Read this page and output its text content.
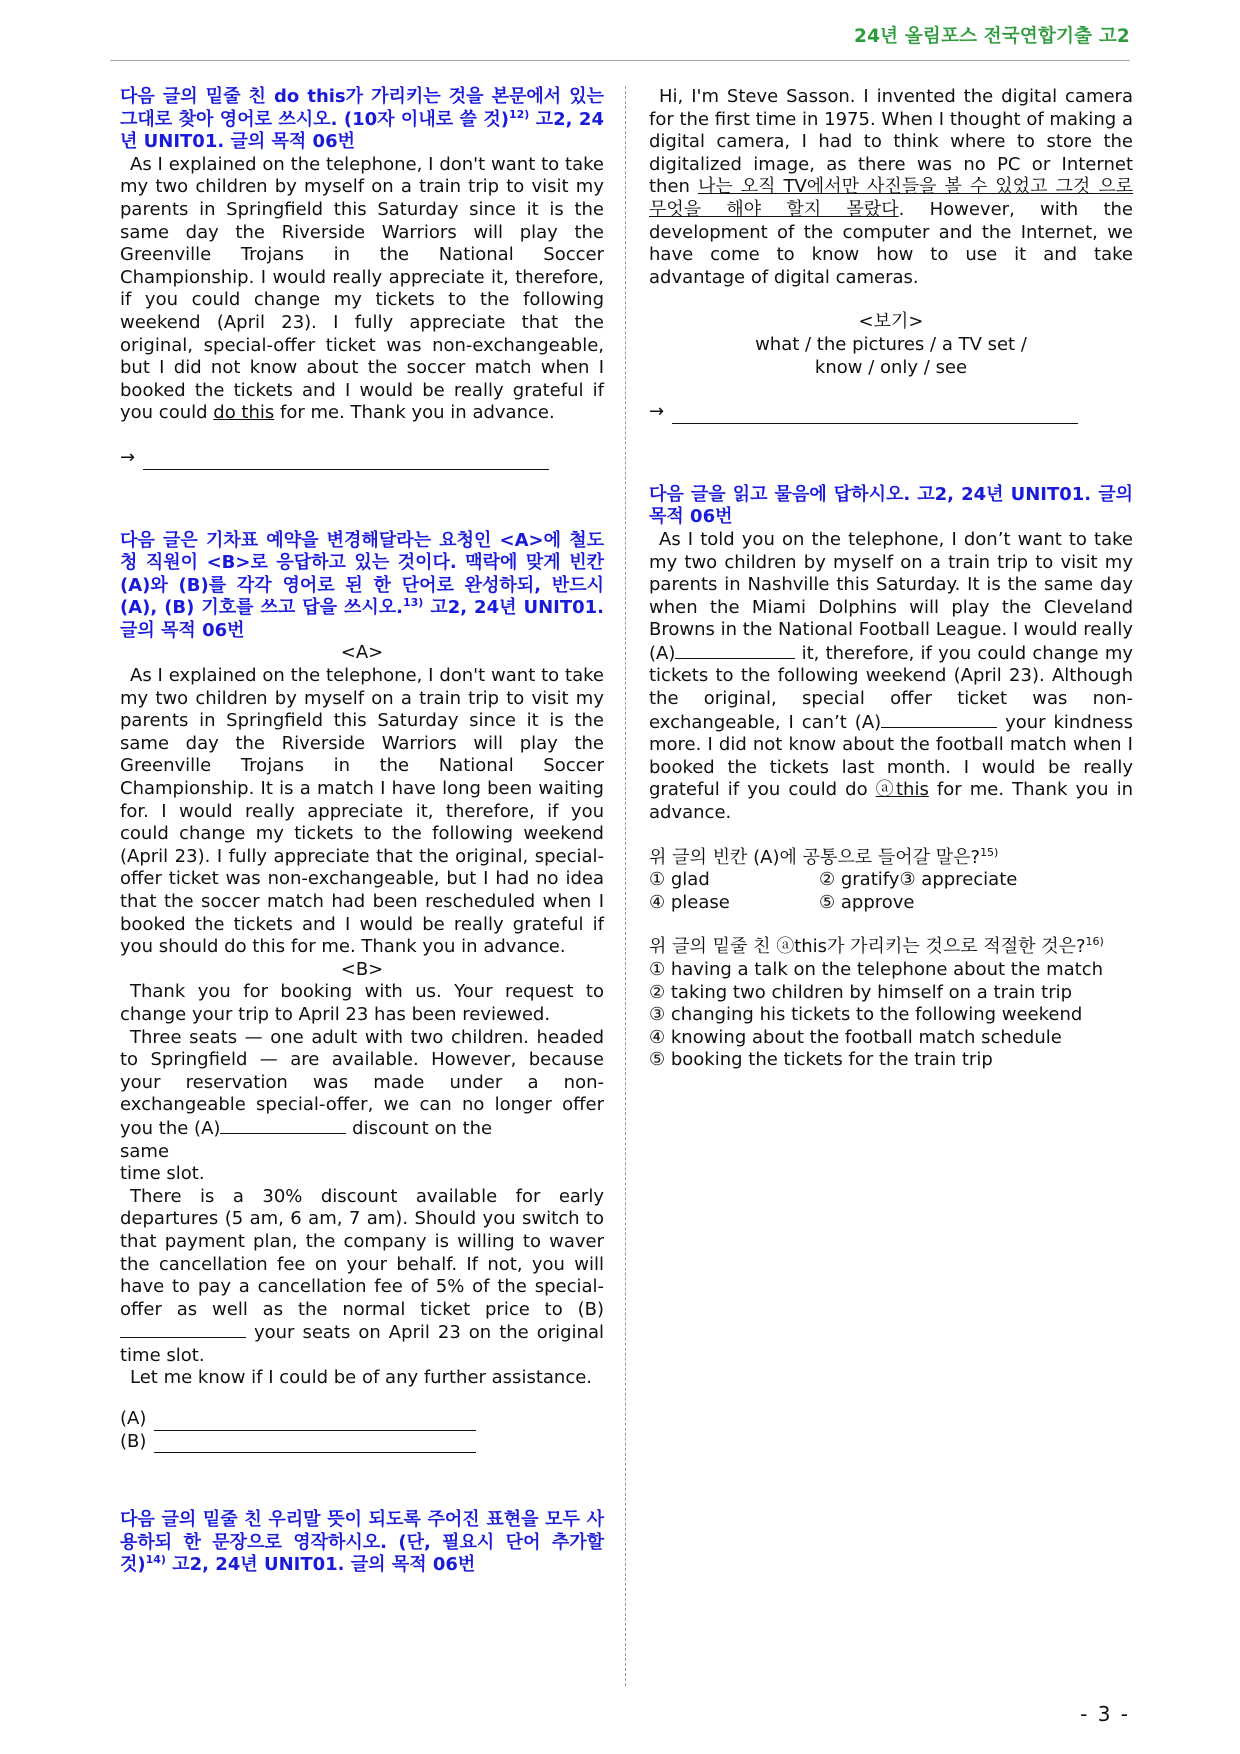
24년 올림포스 전국연합기출 고2
다음 글의 밑줄 친 do this가 가리키는 것을 본문에서 있는 그대로 찾아 영어로 쓰시오. (10자 이내로 쓸 것)$^{12)}$ 고2, 24년 UNIT01. 글의 목적 06번
As I explained on the telephone, I don't want to take my two children by myself on a train trip to visit my parents in Springfield this Saturday since it is the same day the Riverside Warriors will play the Greenville Trojans in the National Soccer Championship. I would really appreciate it, therefore, if you could change my tickets to the following weekend (April 23). I fully appreciate that the original, special-offer ticket was non-exchangeable, but I did not know about the soccer match when I booked the tickets and I would be really grateful if you could do this for me. Thank you in advance.
→
다음 글은 기차표 예약을 변경해달라는 요청인 <A>에 철도청 직원이 <B>로 응답하고 있는 것이다. 맥락에 맞게 빈칸 (A)와 (B)를 각각 영어로 된 한 단어로 완성하되, 반드시 (A), (B) 기호를 쓰고 답을 쓰시오.$^{13)}$ 고2, 24년 UNIT01. 글의 목적 06번
<A>
As I explained on the telephone, I don't want to take my two children by myself on a train trip to visit my parents in Springfield this Saturday since it is the same day the Riverside Warriors will play the Greenville Trojans in the National Soccer Championship. It is a match I have long been waiting for. I would really appreciate it, therefore, if you could change my tickets to the following weekend (April 23). I fully appreciate that the original, special-offer ticket was non-exchangeable, but I had no idea that the soccer match had been rescheduled when I booked the tickets and I would be really grateful if you should do this for me. Thank you in advance.
<B>
Thank you for booking with us. Your request to change your trip to April 23 has been reviewed.
Three seats — one adult with two children. headed to Springfield — are available. However, because your reservation was made under a non-exchangeable special-offer, we can no longer offer you the (A)	discount on the
same
time slot.
There is a 30% discount available for early departures (5 am, 6 am, 7 am). Should you switch to that payment plan, the company is willing to waver the cancellation fee on your behalf. If not, you will have to pay a cancellation fee of 5% of the special-offer as well as the normal ticket price to (B) your seats on April 23 on the original time slot.
Let me know if I could be of any further assistance.
(A)
(B)
다음 글의 밑줄 친 우리말 뜻이 되도록 주어진 표현을 모두 사용하되 한 문장으로 영작하시오. (단, 필요시 단어 추가할 것)$^{14)}$ 고2, 24년 UNIT01. 글의 목적 06번
Hi, I'm Steve Sasson. I invented the digital camera for the first time in 1975. When I thought of making a digital camera, I had to think where to store the digitalized image, as there was no PC or Internet then 나는 오직 TV에서만 사진들을 볼 수 있었고 그것 으로 무엇을 해야 할지 몰랐다. However, with the development of the computer and the Internet, we have come to know how to use it and take advantage of digital cameras.
<보기>
what / the pictures / a TV set /
know / only / see
→
다음 글을 읽고 물음에 답하시오. 고2, 24년 UNIT01. 글의 목적 06번
As I told you on the telephone, I don’t want to take my two children by myself on a train trip to visit my parents in Nashville this Saturday. It is the same day when the Miami Dolphins will play the Cleveland Browns in the National Football League. I would really (A)	it, therefore, if you could change my tickets to the following weekend (April 23). Although the original, special offer ticket was non-exchangeable, I can’t (A)	your kindness more. I did not know about the football match when I booked the tickets last month. I would be really grateful if you could do ⓐthis for me. Thank you in advance.
위 글의 빈칸 (A)에 공통으로 들어갈 말은?$^{15)}$
① glad	② gratify③ appreciate
④ please	⑤ approve
위 글의 밑줄 친 ⓐthis가 가리키는 것으로 적절한 것은?$^{16)}$
① having a talk on the telephone about the match
② taking two children by himself on a train trip
③ changing his tickets to the following weekend
④ knowing about the football match schedule
⑤ booking the tickets for the train trip
- 3 -
